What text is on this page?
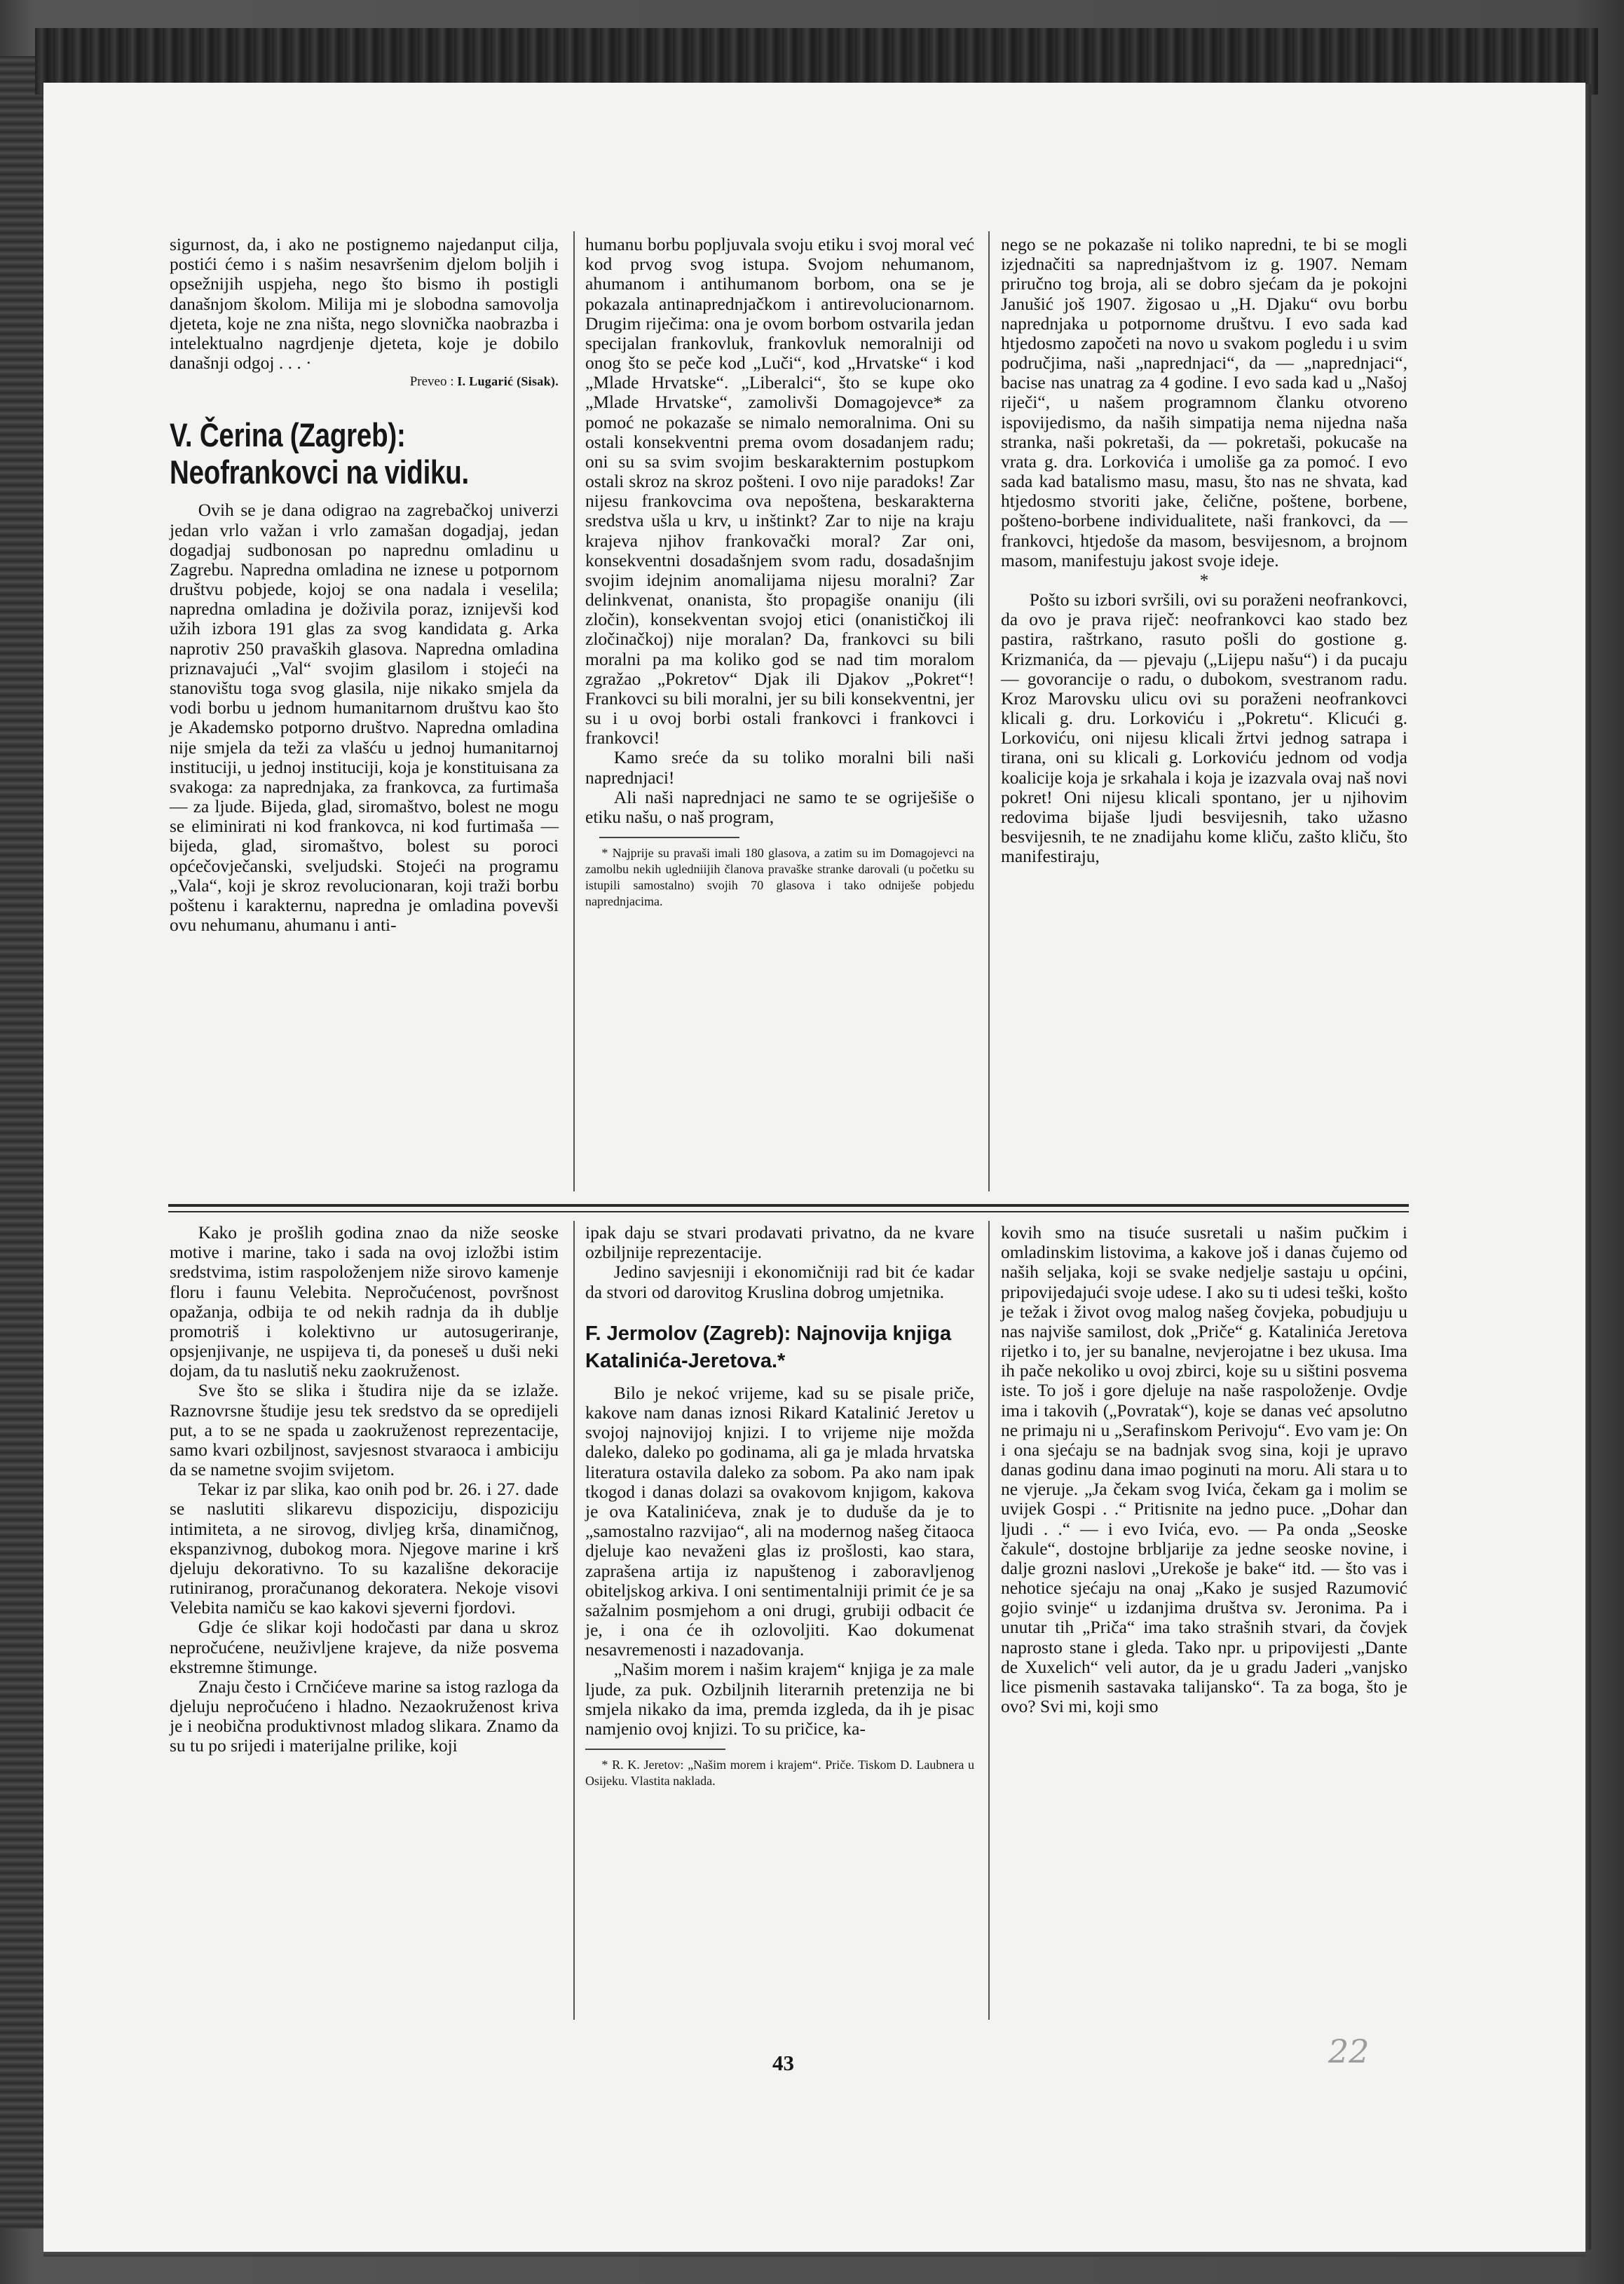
sigurnost, da, i ako ne postignemo najedanput cilja, postići ćemo i s našim nesavršenim djelom boljih i opsežnijih uspjeha, nego što bismo ih postigli današnjom školom. Milija mi je slobodna samovolja djeteta, koje ne zna ništa, nego slovnička naobrazba i intelektualno nagrdjenje djeteta, koje je dobilo današnji odgoj . . . ·

Preveo : I. Lugarić (Sisak).
V. Čerina (Zagreb): Neofrankovci na vidiku.

Ovih se je dana odigrao na zagrebačkoj univerzi jedan vrlo važan i vrlo zamašan dogadjaj, jedan dogadjaj sudbonosan po naprednu omladinu u Zagrebu. Napredna omladina ne iznese u potpornom društvu pobjede, kojoj se ona nadala i veselila; napredna omladina je doživila poraz, iznijevši kod užih izbora 191 glas za svog kandidata g. Arka naprotiv 250 pravaških glasova. Napredna omladina priznavajući „Val“ svojim glasilom i stojeći na stanovištu toga svog glasila, nije nikako smjela da vodi borbu u jednom humanitarnom društvu kao što je Akademsko potporno društvo. Napredna omladina nije smjela da teži za vlašću u jednoj humanitarnoj instituciji, u jednoj instituciji, koja je konstituisana za svakoga: za naprednjaka, za frankovca, za furtimaša — za ljude. Bijeda, glad, siromaštvo, bolest ne mogu se eliminirati ni kod frankovca, ni kod furtimaša — bijeda, glad, siromaštvo, bolest su poroci općečovječanski, sveljudski. Stojeći na programu „Vala“, koji je skroz revolucionaran, koji traži borbu poštenu i karakternu, napredna je omladina povevši ovu nehumanu, ahumanu i anti-

humanu borbu popljuvala svoju etiku i svoj moral već kod prvog svog istupa. Svojom nehumanom, ahumanom i antihumanom borbom, ona se je pokazala antinaprednjačkom i antirevolucionarnom. Drugim riječima: ona je ovom borbom ostvarila jedan specijalan frankovluk, frankovluk nemoralniji od onog što se peče kod „Luči“, kod „Hrvatske“ i kod „Mlade Hrvatske“. „Liberalci“, što se kupe oko „Mlade Hrvatske“, zamolivši Domagojevce* za pomoć ne pokazaše se nimalo nemoralnima. Oni su ostali konsekventni prema ovom dosadanjem radu; oni su sa svim svojim beskarakternim postupkom ostali skroz na skroz pošteni. I ovo nije paradoks! Zar nijesu frankovcima ova nepoštena, beskarakterna sredstva ušla u krv, u inštinkt? Zar to nije na kraju krajeva njihov frankovački moral? Zar oni, konsekventni dosadašnjem svom radu, dosadašnjim svojim idejnim anomalijama nijesu moralni? Zar delinkvenat, onanista, što propagiše onaniju (ili zločin), konsekventan svojoj etici (onanističkoj ili zločinačkoj) nije moralan? Da, frankovci su bili moralni pa ma koliko god se nad tim moralom zgražao „Pokretov“ Djak ili Djakov „Pokret“! Frankovci su bili moralni, jer su bili konsekventni, jer su i u ovoj borbi ostali frankovci i frankovci i frankovci!

Kamo sreće da su toliko moralni bili naši naprednjaci!

Ali naši naprednjaci ne samo te se ogriješiše o etiku našu, o naš program,

* Najprije su pravaši imali 180 glasova, a zatim su im Domagojevci na zamolbu nekih ugledniijih članova pravaške stranke darovali (u početku su istupili samostalno) svojih 70 glasova i tako odniješe pobjedu naprednjacima.

nego se ne pokazaše ni toliko napredni, te bi se mogli izjednačiti sa naprednjaštvom iz g. 1907. Nemam priručno tog broja, ali se dobro sjećam da je pokojni Janušić još 1907. žigosao u „H. Djaku“ ovu borbu naprednjaka u potpornome društvu. I evo sada kad htjedosmo započeti na novo u svakom pogledu i u svim područjima, naši „naprednjaci“, da — „naprednjaci“, bacise nas unatrag za 4 godine. I evo sada kad u „Našoj riječi“, u našem programnom članku otvoreno ispovijedismo, da naših simpatija nema nijedna naša stranka, naši pokretaši, da — pokretaši, pokucaše na vrata g. dra. Lorkovića i umoliše ga za pomoć. I evo sada kad batalismo masu, masu, što nas ne shvata, kad htjedosmo stvoriti jake, čelične, poštene, borbene, pošteno-borbene individualitete, naši frankovci, da — frankovci, htjedoše da masom, besvijesnom, a brojnom masom, manifestuju jakost svoje ideje.

*

Pošto su izbori svršili, ovi su poraženi neofrankovci, da ovo je prava riječ: neofrankovci kao stado bez pastira, raštrkano, rasuto pošli do gostione g. Krizmanića, da — pjevaju („Lijepu našu“) i da pucaju — govorancije o radu, o dubokom, svestranom radu. Kroz Marovsku ulicu ovi su poraženi neofrankovci klicali g. dru. Lorkoviću i „Pokretu“. Klicući g. Lorkoviću, oni nijesu klicali žrtvi jednog satrapa i tirana, oni su klicali g. Lorkoviću jednom od vodja koalicije koja je srkahala i koja je izazvala ovaj naš novi pokret! Oni nijesu klicali spontano, jer u njihovim redovima bijaše ljudi besvijesnih, tako užasno besvijesnih, te ne znadijahu kome kliču, zašto kliču, što manifestiraju,

Kako je prošlih godina znao da niže seoske motive i marine, tako i sada na ovoj izložbi istim sredstvima, istim raspoloženjem niže sirovo kamenje floru i faunu Velebita. Nepročućenost, površnost opažanja, odbija te od nekih radnja da ih dublje promotriš i kolektivno ur autosugeriranje, opsjenjivanje, ne uspijeva ti, da poneseš u duši neki dojam, da tu naslutiš neku zaokruženost.

Sve što se slika i študira nije da se izlaže. Raznovrsne študije jesu tek sredstvo da se opredijeli put, a to se ne spada u zaokruženost reprezentacije, samo kvari ozbiljnost, savjesnost stvaraoca i ambiciju da se nametne svojim svijetom.

Tekar iz par slika, kao onih pod br. 26. i 27. dade se naslutiti slikarevu dispoziciju, dispoziciju intimiteta, a ne sirovog, divljeg krša, dinamičnog, ekspanzivnog, dubokog mora. Njegove marine i krš djeluju dekorativno. To su kazališne dekoracije rutiniranog, proračunanog dekoratera. Nekoje visovi Velebita namiču se kao kakovi sjeverni fjordovi.

Gdje će slikar koji hodočasti par dana u skroz nepročućene, neuživljene krajeve, da niže posvema ekstremne štimunge.

Znaju često i Crnčićeve marine sa istog razloga da djeluju nepročućeno i hladno. Nezaokruženost kriva je i neobična produktivnost mladog slikara. Znamo da su tu po srijedi i materijalne prilike, koji

ipak daju se stvari prodavati privatno, da ne kvare ozbiljnije reprezentacije.

Jedino savjesniji i ekonomičniji rad bit će kadar da stvori od darovitog Kruslina dobrog umjetnika.

F. Jermolov (Zagreb): Najnovija knjiga Katalinića-Jeretova.*

Bilo je nekoć vrijeme, kad su se pisale priče, kakove nam danas iznosi Rikard Katalinić Jeretov u svojoj najnovijoj knjizi. I to vrijeme nije možda daleko, daleko po godinama, ali ga je mlada hrvatska literatura ostavila daleko za sobom. Pa ako nam ipak tkogod i danas dolazi sa ovakovom knjigom, kakova je ova Katalinićeva, znak je to duduše da je to „samostalno razvijao“, ali na modernog našeg čitaoca djeluje kao nevaženi glas iz prošlosti, kao stara, zaprašena artija iz napuštenog i zaboravljenog obiteljskog arkiva. I oni sentimentalniji primit će je sa sažalnim posmjehom a oni drugi, grubiji odbacit će je, i ona će ih ozlovoljiti. Kao dokumenat nesavremenosti i nazadovanja.

„Našim morem i našim krajem“ knjiga je za male ljude, za puk. Ozbiljnih literarnih pretenzija ne bi smjela nikako da ima, premda izgleda, da ih je pisac namjenio ovoj knjizi. To su pričice, ka-

* R. K. Jeretov: „Našim morem i krajem“. Priče. Tiskom D. Laubnera u Osijeku. Vlastita naklada.

kovih smo na tisuće susretali u našim pučkim i omladinskim listovima, a kakove još i danas čujemo od naših seljaka, koji se svake nedjelje sastaju u općini, pripovijedajući svoje udese. I ako su ti udesi teški, košto je težak i život ovog malog našeg čovjeka, pobudjuju u nas najviše samilost, dok „Priče“ g. Katalinića Jeretova rijetko i to, jer su banalne, nevjerojatne i bez ukusa. Ima ih pače nekoliko u ovoj zbirci, koje su u sištini posvema iste. To još i gore djeluje na naše raspoloženje. Ovdje ima i takovih („Povratak“), koje se danas već apsolutno ne primaju ni u „Serafinskom Perivoju“. Evo vam je: On i ona sjećaju se na badnjak svog sina, koji je upravo danas godinu dana imao poginuti na moru. Ali stara u to ne vjeruje. „Ja čekam svog Ivića, čekam ga i molim se uvijek Gospi . .“ Pritisnite na jedno puce. „Dohar dan ljudi . .“ — i evo Ivića, evo. — Pa onda „Seoske čakule“, dostojne brbljarije za jedne seoske novine, i dalje grozni naslovi „Urekoše je bake“ itd. — što vas i nehotice sjećaju na onaj „Kako je susjed Razumović gojio svinje“ u izdanjima društva sv. Jeronima. Pa i unutar tih „Priča“ ima tako strašnih stvari, da čovjek naprosto stane i gleda. Tako npr. u pripovijesti „Dante de Xuxelich“ veli autor, da je u gradu Jaderi „vanjsko lice pismenih sastavaka talijansko“. Ta za boga, što je ovo? Svi mi, koji smo

43	22
